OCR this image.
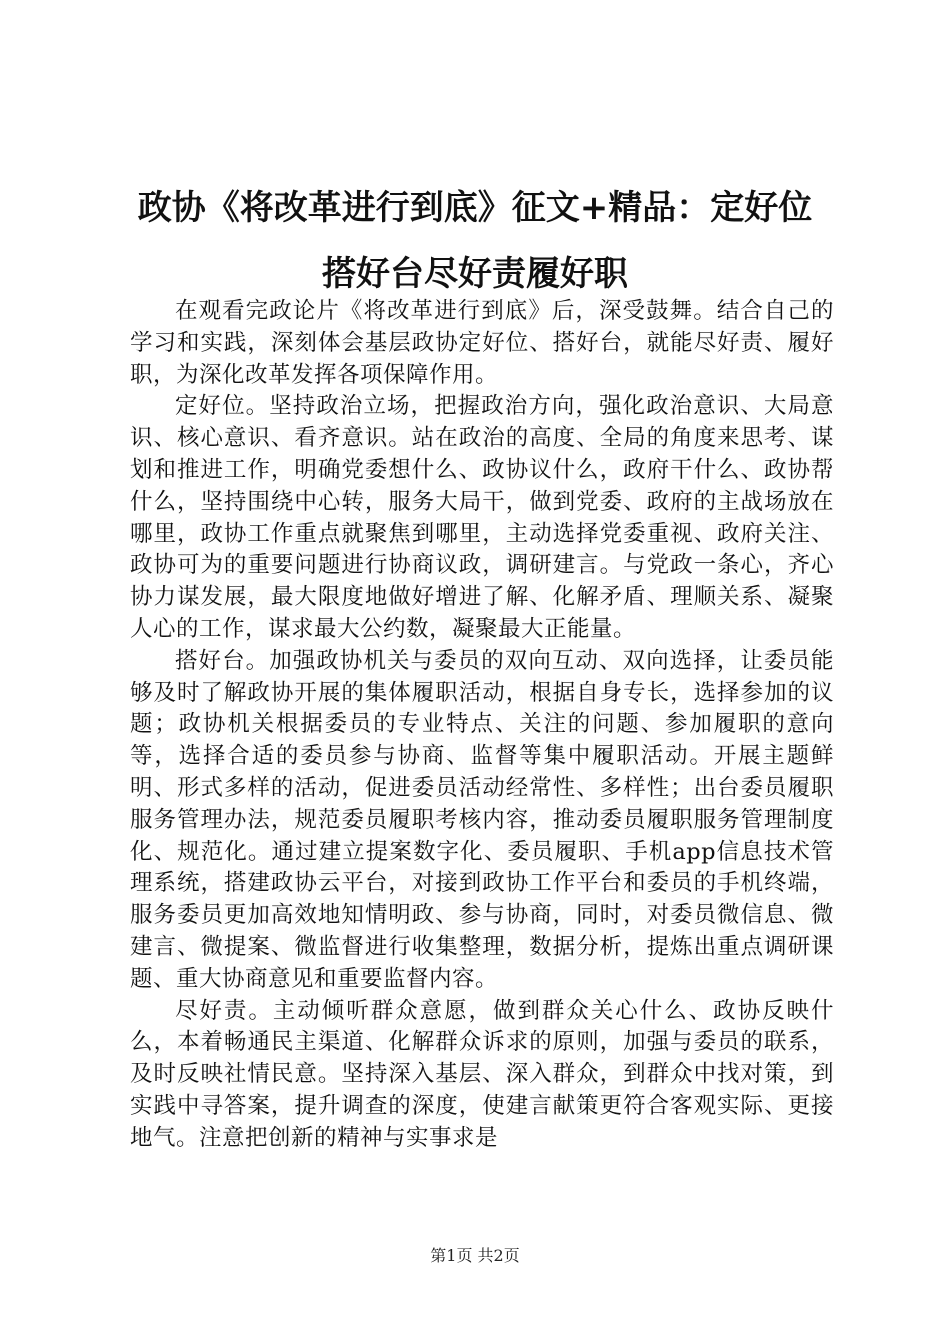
政协《将改革进行到底》征文+精品：定好位
搭好台尽好责履好职

在观看完政论片《将改革进行到底》后，深受鼓舞。结合自己的学习和实践，深刻体会基层政协定好位、搭好台，就能尽好责、履好职，为深化改革发挥各项保障作用。

定好位。坚持政治立场，把握政治方向，强化政治意识、大局意识、核心意识、看齐意识。站在政治的高度、全局的角度来思考、谋划和推进工作，明确党委想什么、政协议什么，政府干什么、政协帮什么，坚持围绕中心转，服务大局干，做到党委、政府的主战场放在哪里，政协工作重点就聚焦到哪里，主动选择党委重视、政府关注、政协可为的重要问题进行协商议政，调研建言。与党政一条心，齐心协力谋发展，最大限度地做好增进了解、化解矛盾、理顺关系、凝聚人心的工作，谋求最大公约数，凝聚最大正能量。

搭好台。加强政协机关与委员的双向互动、双向选择，让委员能够及时了解政协开展的集体履职活动，根据自身专长，选择参加的议题；政协机关根据委员的专业特点、关注的问题、参加履职的意向等，选择合适的委员参与协商、监督等集中履职活动。开展主题鲜明、形式多样的活动，促进委员活动经常性、多样性；出台委员履职服务管理办法，规范委员履职考核内容，推动委员履职服务管理制度化、规范化。通过建立提案数字化、委员履职、手机app信息技术管理系统，搭建政协云平台，对接到政协工作平台和委员的手机终端，服务委员更加高效地知情明政、参与协商，同时，对委员微信息、微建言、微提案、微监督进行收集整理，数据分析，提炼出重点调研课题、重大协商意见和重要监督内容。

尽好责。主动倾听群众意愿，做到群众关心什么、政协反映什么，本着畅通民主渠道、化解群众诉求的原则，加强与委员的联系，及时反映社情民意。坚持深入基层、深入群众，到群众中找对策，到实践中寻答案，提升调查的深度，使建言献策更符合客观实际、更接地气。注意把创新的精神与实事求是

第1页 共2页
